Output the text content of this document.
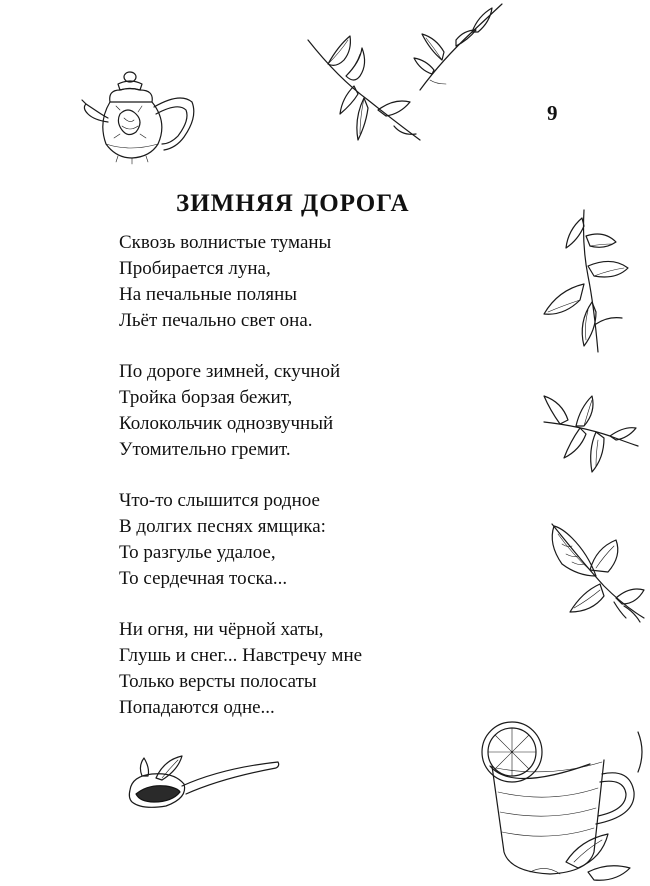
9
ЗИМНЯЯ ДОРОГА

Сквозь волнистые туманы
Пробирается луна,
На печальные поляны
Льёт печально свет она.

По дороге зимней, скучной
Тройка борзая бежит,
Колокольчик однозвучный
Утомительно гремит.

Что-то слышится родное
В долгих песнях ямщика:
То разгулье удалое,
То сердечная тоска...

Ни огня, ни чёрной хаты,
Глушь и снег... Навстречу мне
Только версты полосаты
Попадаются одне...
